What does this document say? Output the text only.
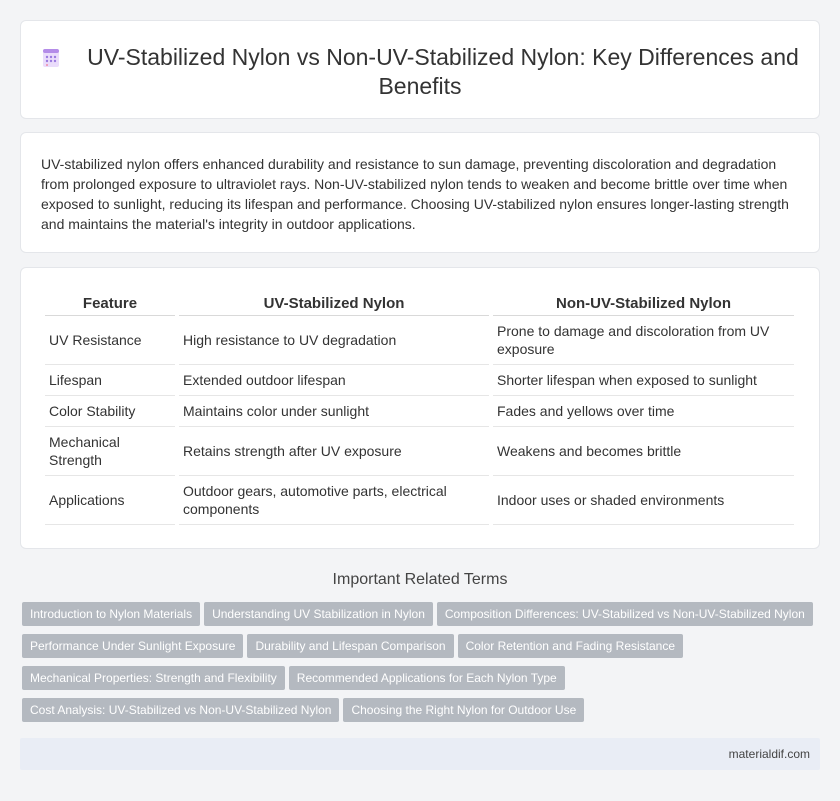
UV-Stabilized Nylon vs Non-UV-Stabilized Nylon: Key Differences and Benefits

UV-stabilized nylon offers enhanced durability and resistance to sun damage, preventing discoloration and degradation from prolonged exposure to ultraviolet rays. Non-UV-stabilized nylon tends to weaken and become brittle over time when exposed to sunlight, reducing its lifespan and performance. Choosing UV-stabilized nylon ensures longer-lasting strength and maintains the material's integrity in outdoor applications.

Feature	UV-Stabilized Nylon	Non-UV-Stabilized Nylon
UV Resistance	High resistance to UV degradation	Prone to damage and discoloration from UV exposure
Lifespan	Extended outdoor lifespan	Shorter lifespan when exposed to sunlight
Color Stability	Maintains color under sunlight	Fades and yellows over time
Mechanical Strength	Retains strength after UV exposure	Weakens and becomes brittle
Applications	Outdoor gears, automotive parts, electrical components	Indoor uses or shaded environments
Important Related Terms
Introduction to Nylon Materials Understanding UV Stabilization in Nylon Composition Differences: UV-Stabilized vs Non-UV-Stabilized Nylon
Performance Under Sunlight Exposure Durability and Lifespan Comparison Color Retention and Fading Resistance
Mechanical Properties: Strength and Flexibility Recommended Applications for Each Nylon Type
Cost Analysis: UV-Stabilized vs Non-UV-Stabilized Nylon Choosing the Right Nylon for Outdoor Use
materialdif.com
